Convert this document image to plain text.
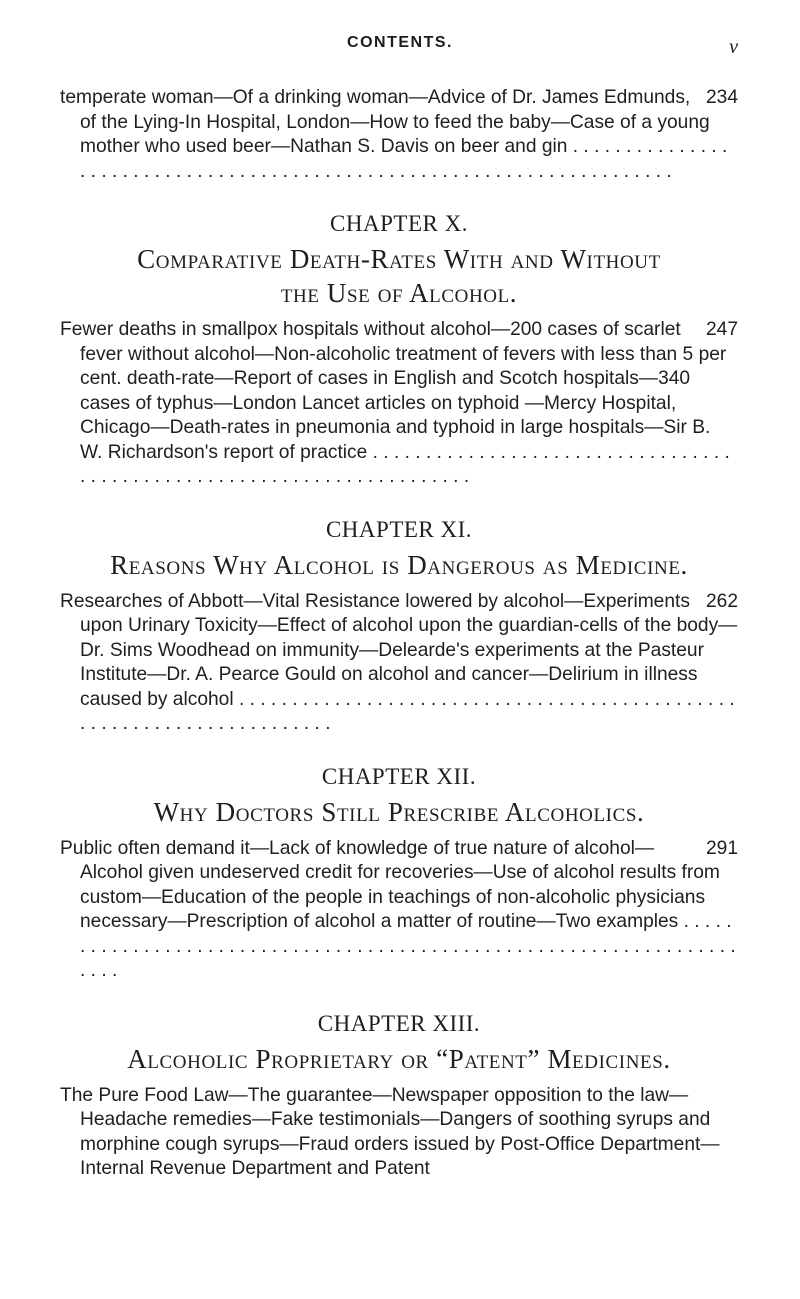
CONTENTS.	v

234
temperate woman—Of a drinking woman—Advice of Dr. James Edmunds, of the Lying-In Hospital, London—How to feed the baby—Case of a young mother who used beer—Nathan S. Davis on beer and gin . . .

CHAPTER X.
Comparative Death-Rates With and Without
the Use of Alcohol.

247
Fewer deaths in smallpox hospitals without alcohol—200 cases of scarlet fever without alcohol—Non-alcoholic treatment of fevers with less than 5 per cent. death-rate—Report of cases in English and Scotch hospitals—340 cases of typhus—London Lancet articles on typhoid —Mercy Hospital, Chicago—Death-rates in pneumonia and typhoid in large hospitals—Sir B. W. Richardson's report of practice . . .

CHAPTER XI.
Reasons Why Alcohol is Dangerous as Medicine.

262
Researches of Abbott—Vital Resistance lowered by alcohol—Experiments upon Urinary Toxicity—Effect of alcohol upon the guardian-cells of the body—Dr. Sims Woodhead on immunity—Delearde's experiments at the Pasteur Institute—Dr. A. Pearce Gould on alcohol and cancer—Delirium in illness caused by alcohol . . .

CHAPTER XII.
Why Doctors Still Prescribe Alcoholics.

291
Public often demand it—Lack of knowledge of true nature of alcohol—Alcohol given undeserved credit for recoveries—Use of alcohol results from custom—Education of the people in teachings of non-alcoholic physicians necessary—Prescription of alcohol a matter of routine—Two examples . . .

CHAPTER XIII.
Alcoholic Proprietary or “Patent” Medicines.

The Pure Food Law—The guarantee—Newspaper opposition to the law—Headache remedies—Fake testimonials—Dangers of soothing syrups and morphine cough syrups—Fraud orders issued by Post-Office Department—Internal Revenue Department and Patent
